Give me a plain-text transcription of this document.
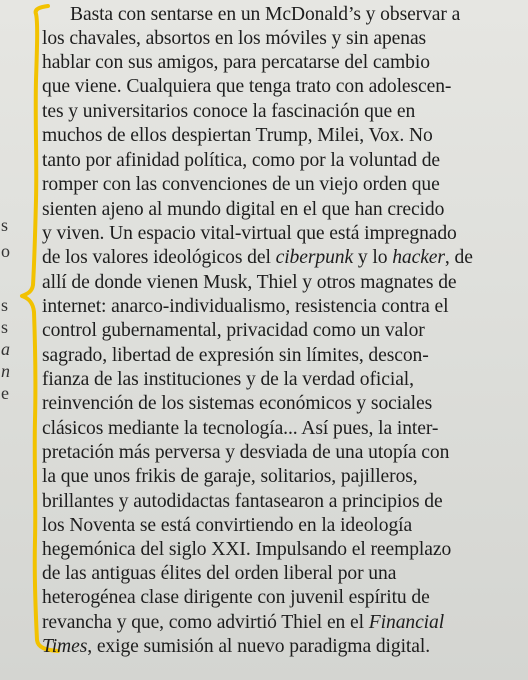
s
o
s
s
a
n
e
Basta con sentarse en un McDonald’s y observar a
los chavales, absortos en los móviles y sin apenas
hablar con sus amigos, para percatarse del cambio
que viene. Cualquiera que tenga trato con adolescen-
tes y universitarios conoce la fascinación que en
muchos de ellos despiertan Trump, Milei, Vox. No
tanto por afinidad política, como por la voluntad de
romper con las convenciones de un viejo orden que
sienten ajeno al mundo digital en el que han crecido
y viven. Un espacio vital-virtual que está impregnado
de los valores ideológicos del ciberpunk y lo hacker, de
allí de donde vienen Musk, Thiel y otros magnates de
internet: anarco-individualismo, resistencia contra el
control gubernamental, privacidad como un valor
sagrado, libertad de expresión sin límites, descon-
fianza de las instituciones y de la verdad oficial,
reinvención de los sistemas económicos y sociales
clásicos mediante la tecnología... Así pues, la inter-
pretación más perversa y desviada de una utopía con
la que unos frikis de garaje, solitarios, pajilleros,
brillantes y autodidactas fantasearon a principios de
los Noventa se está convirtiendo en la ideología
hegemónica del siglo XXI. Impulsando el reemplazo
de las antiguas élites del orden liberal por una
heterogénea clase dirigente con juvenil espíritu de
revancha y que, como advirtió Thiel en el Financial
Times, exige sumisión al nuevo paradigma digital.
